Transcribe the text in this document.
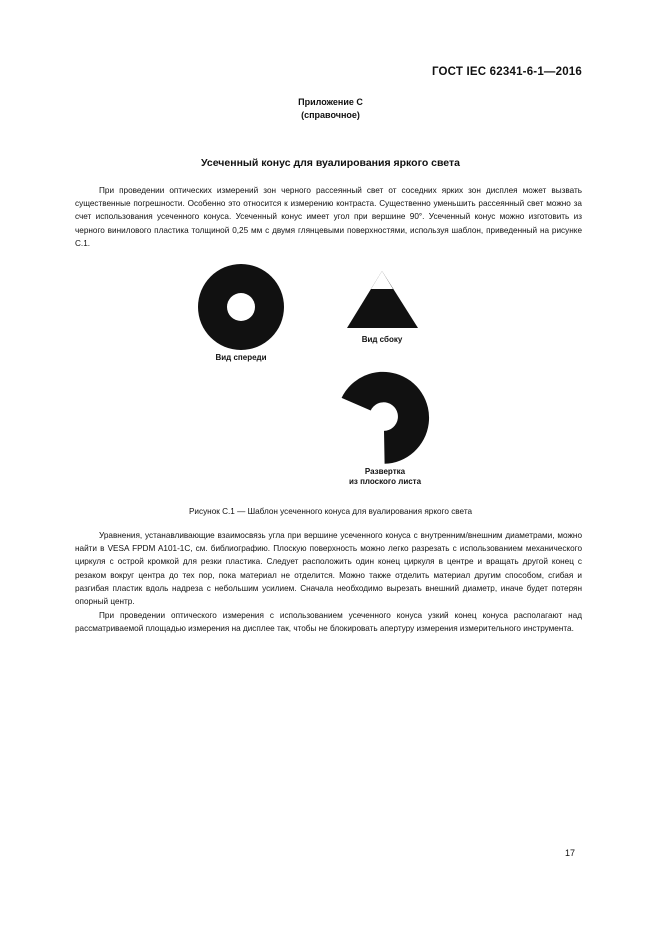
ГОСТ IEC 62341-6-1—2016
Приложение С
(справочное)
Усеченный конус для вуалирования яркого света

При проведении оптических измерений зон черного рассеянный свет от соседних ярких зон дисплея может вызвать существенные погрешности. Особенно это относится к измерению контраста. Существенно уменьшить рассеянный свет можно за счет использования усеченного конуса. Усеченный конус имеет угол при вершине 90°. Усеченный конус можно изготовить из черного винилового пластика толщиной 0,25 мм с двумя глянцевыми поверхностями, используя шаблон, приведенный на рисунке С.1.

Вид спереди
Вид сбоку
Развертка
из плоского листа
Рисунок С.1 — Шаблон усеченного конуса для вуалирования яркого света

Уравнения, устанавливающие взаимосвязь угла при вершине усеченного конуса с внутренним/внешним диаметрами, можно найти в VESA FPDM A101-1C, см. библиографию. Плоскую поверхность можно легко разрезать с использованием механического циркуля с острой кромкой для резки пластика. Следует расположить один конец циркуля в центре и вращать другой конец с резаком вокруг центра до тех пор, пока материал не отделится. Можно также отделить материал другим способом, сгибая и разгибая пластик вдоль надреза с небольшим усилием. Сначала необходимо вырезать внешний диаметр, иначе будет потерян опорный центр.

При проведении оптического измерения с использованием усеченного конуса узкий конец конуса располагают над рассматриваемой площадью измерения на дисплее так, чтобы не блокировать апертуру измерения измерительного инструмента.

17
